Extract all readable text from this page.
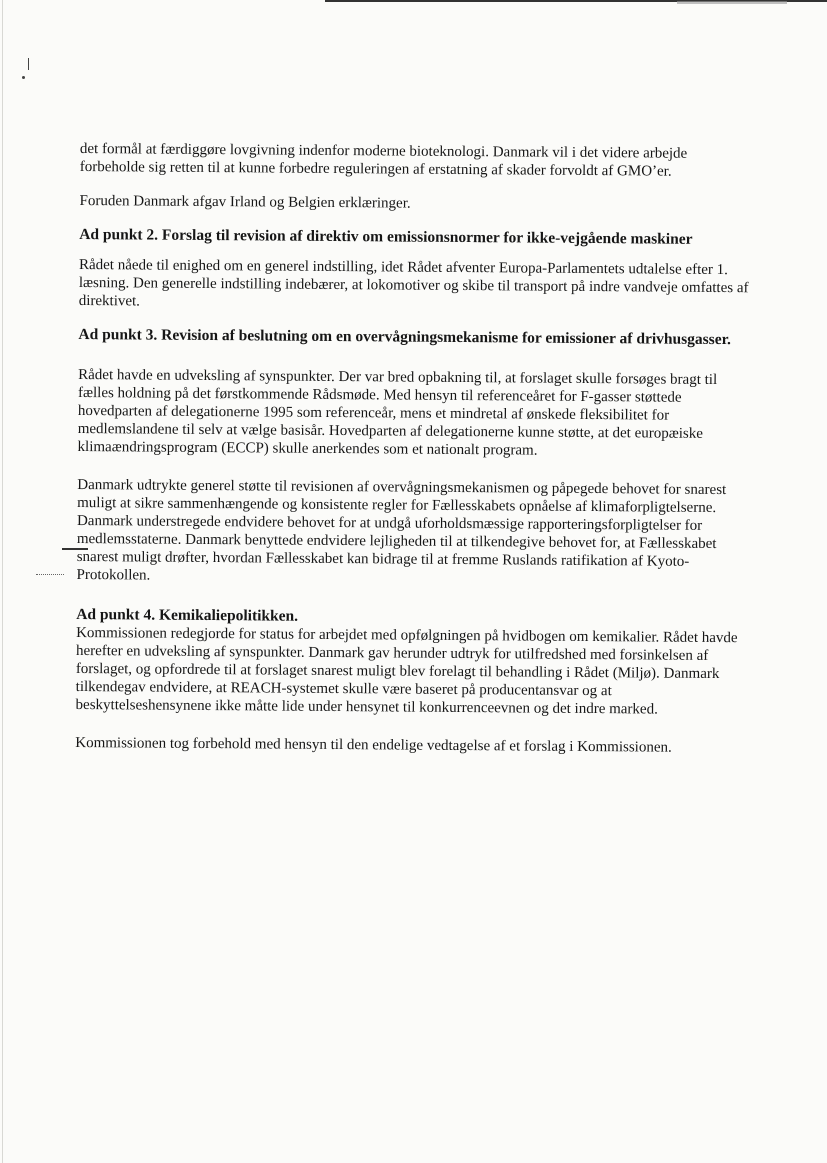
det formål at færdiggøre lovgivning indenfor moderne bioteknologi. Danmark vil i det videre arbejde forbeholde sig retten til at kunne forbedre reguleringen af erstatning af skader forvoldt af GMO’er.

Foruden Danmark afgav Irland og Belgien erklæringer.

Ad punkt 2. Forslag til revision af direktiv om emissionsnormer for ikke-vejgående maskiner

Rådet nåede til enighed om en generel indstilling, idet Rådet afventer Europa-Parlamentets udtalelse efter 1. læsning. Den generelle indstilling indebærer, at lokomotiver og skibe til transport på indre vandveje omfattes af direktivet.

Ad punkt 3. Revision af beslutning om en overvågningsmekanisme for emissioner af drivhusgasser.

Rådet havde en udveksling af synspunkter. Der var bred opbakning til, at forslaget skulle forsøges bragt til fælles holdning på det førstkommende Rådsmøde. Med hensyn til referenceåret for F-gasser støttede hovedparten af delegationerne 1995 som referenceår, mens et mindretal af ønskede fleksibilitet for medlemslandene til selv at vælge basisår. Hovedparten af delegationerne kunne støtte, at det europæiske klimaændringsprogram (ECCP) skulle anerkendes som et nationalt program.

Danmark udtrykte generel støtte til revisionen af overvågningsmekanismen og påpegede behovet for snarest muligt at sikre sammenhængende og konsistente regler for Fællesskabets opnåelse af klimaforpligtelserne. Danmark understregede endvidere behovet for at undgå uforholdsmæssige rapporteringsforpligtelser for medlemsstaterne. Danmark benyttede endvidere lejligheden til at tilkendegive behovet for, at Fællesskabet snarest muligt drøfter, hvordan Fællesskabet kan bidrage til at fremme Ruslands ratifikation af Kyoto-Protokollen.

Ad punkt 4. Kemikaliepolitikken.

Kommissionen redegjorde for status for arbejdet med opfølgningen på hvidbogen om kemikalier. Rådet havde herefter en udveksling af synspunkter. Danmark gav herunder udtryk for utilfredshed med forsinkelsen af forslaget, og opfordrede til at forslaget snarest muligt blev forelagt til behandling i Rådet (Miljø). Danmark tilkendegav endvidere, at REACH-systemet skulle være baseret på producentansvar og at beskyttelseshensynene ikke måtte lide under hensynet til konkurrenceevnen og det indre marked.

Kommissionen tog forbehold med hensyn til den endelige vedtagelse af et forslag i Kommissionen.
